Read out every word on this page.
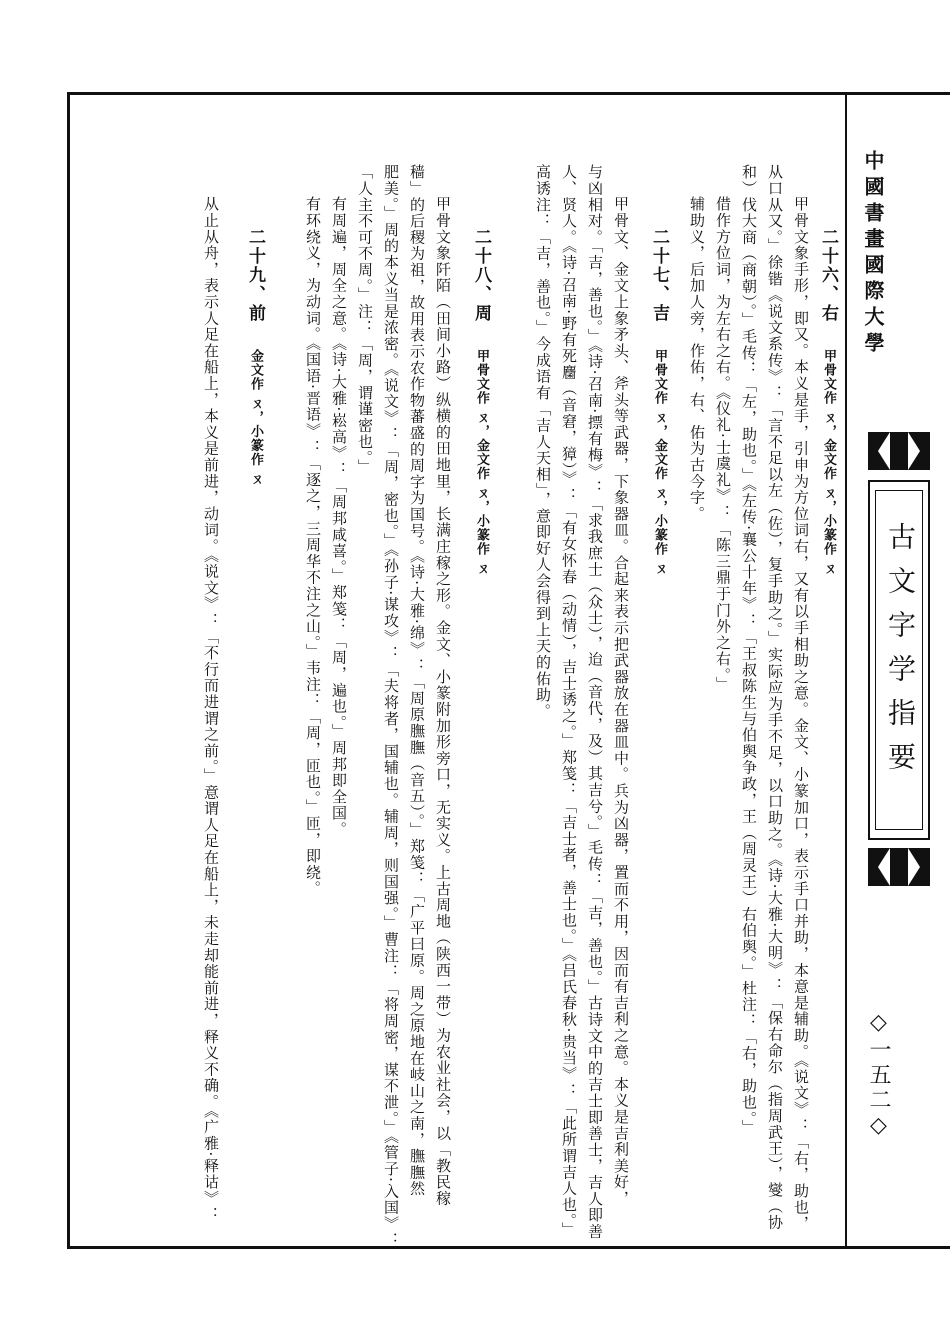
中國書畫國際大學
古文字学指要
◇一五二◇
二十六、右 甲骨文作 ㄡ，金文作 ㄡ，小篆作 ㄡ
甲骨文象手形，即又。本义是手，引申为方位词右，又有以手相助之意。金文、小篆加口，表示手口并助，本意是辅助。《说文》：「右，助也，
从口从又。」徐锴《说文系传》：「言不足以左（佐），复手助之。」实际应为手不足，以口助之。《诗·大雅·大明》：「保右命尔（指周武王），燮（协
和）伐大商（商朝）。」毛传：「左，助也。」《左传·襄公十年》：「王叔陈生与伯舆争政，王（周灵王）右伯舆。」杜注：「右，助也。」
借作方位词，为左右之右。《仪礼·士虞礼》：「陈三鼎于门外之右。」
辅助义，后加人旁，作佑，右、佑为古今字。
二十七、吉 甲骨文作 ㄡ，金文作 ㄡ，小篆作 ㄡ
甲骨文、金文上象矛头、斧头等武器，下象器皿。合起来表示把武器放在器皿中。兵为凶器，置而不用，因而有吉利之意。本义是吉利美好，
与凶相对。「吉，善也。」《诗·召南·摽有梅》：「求我庶士（众士），迨（音代，及）其吉兮。」毛传：「吉，善也。」古诗文中的吉士即善士，吉人即善
人、贤人。《诗·召南·野有死麕（音窘，獐）》：「有女怀春（动情），吉士诱之。」郑笺：「吉士者，善士也。」《吕氏春秋·贵当》：「此所谓吉人也。」
高诱注：「吉，善也。」今成语有「吉人天相」，意即好人会得到上天的佑助。
二十八、周 甲骨文作 ㄡ，金文作 ㄡ，小篆作 ㄡ
甲骨文象阡陌（田间小路）纵横的田地里，长满庄稼之形。金文、小篆附加形旁口，无实义。上古周地（陕西一带）为农业社会，以「教民稼
穑」的后稷为祖，故用表示农作物蕃盛的周字为国号。《诗·大雅·绵》：「周原膴膴（音五）。」郑笺：「广平曰原。周之原地在岐山之南，膴膴然
肥美。」周的本义当是浓密。《说文》：「周，密也。」《孙子·谋攻》：「夫将者，国辅也。辅周，则国强。」曹注：「将周密，谋不泄。」《管子·入国》：
「人主不可不周。」注：「周，谓谨密也。」
有周遍，周全之意。《诗·大雅·崧高》：「周邦咸喜。」郑笺：「周，遍也。」周邦即全国。
有环绕义，为动词。《国语·晋语》：「逐之，三周华不注之山。」韦注：「周，匝也。」匝，即绕。
二十九、前 金文作 ㄡ，小篆作 ㄡ
从止从舟，表示人足在船上，本义是前进，动词。《说文》：「不行而进谓之前。」意谓人足在船上，未走却能前进，释义不确。《广雅·释诂》：
